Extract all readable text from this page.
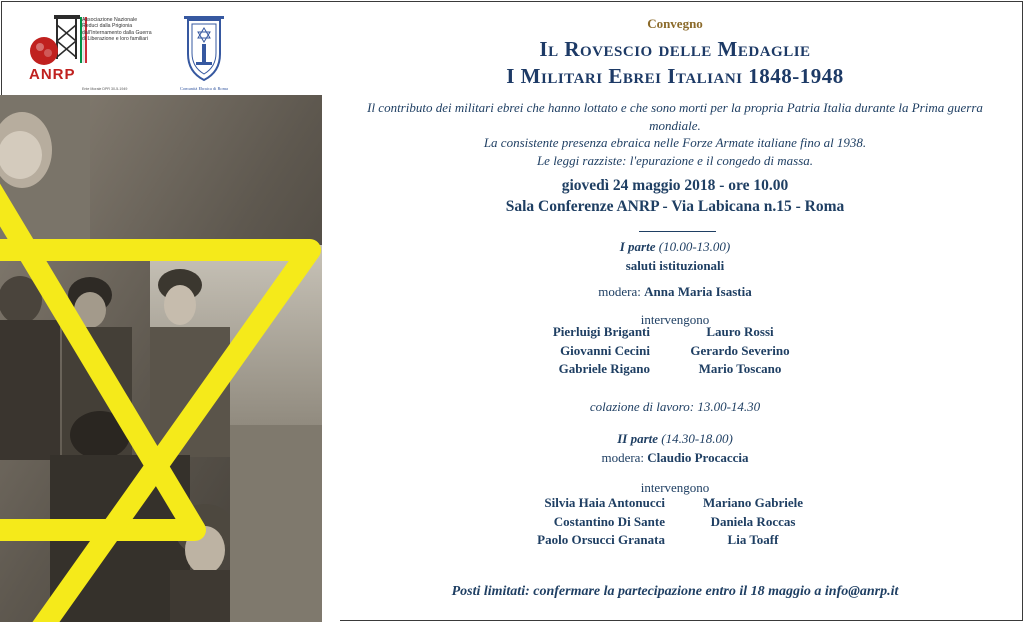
ANRP
Associazione Nazionale Reduci dalla Prigionia dall'Internamento dalla Guerra di Liberazione e loro familiari
Ente Morale DPR 30-5-1949	Comunità Ebraica di Roma
Convegno
Il Rovescio delle Medaglie
I Militari Ebrei Italiani 1848-1948
Il contributo dei militari ebrei che hanno lottato e che sono morti per la propria Patria Italia durante la Prima guerra mondiale.
La consistente presenza ebraica nelle Forze Armate italiane fino al 1938.
Le leggi razziste: l'epurazione e il congedo di massa.
giovedì 24 maggio 2018 - ore 10.00
Sala Conferenze ANRP - Via Labicana n.15 - Roma
I parte (10.00-13.00)
saluti istituzionali
modera: Anna Maria Isastia
intervengono
Pierluigi Briganti
Giovanni Cecini
Gabriele Rigano
Lauro Rossi
Gerardo Severino
Mario Toscano
colazione di lavoro: 13.00-14.30
II parte (14.30-18.00)
modera: Claudio Procaccia
intervengono
Silvia Haia Antonucci
Costantino Di Sante
Paolo Orsucci Granata
Mariano Gabriele
Daniela Roccas
Lia Toaff
Posti limitati: confermare la partecipazione entro il 18 maggio a info@anrp.it
